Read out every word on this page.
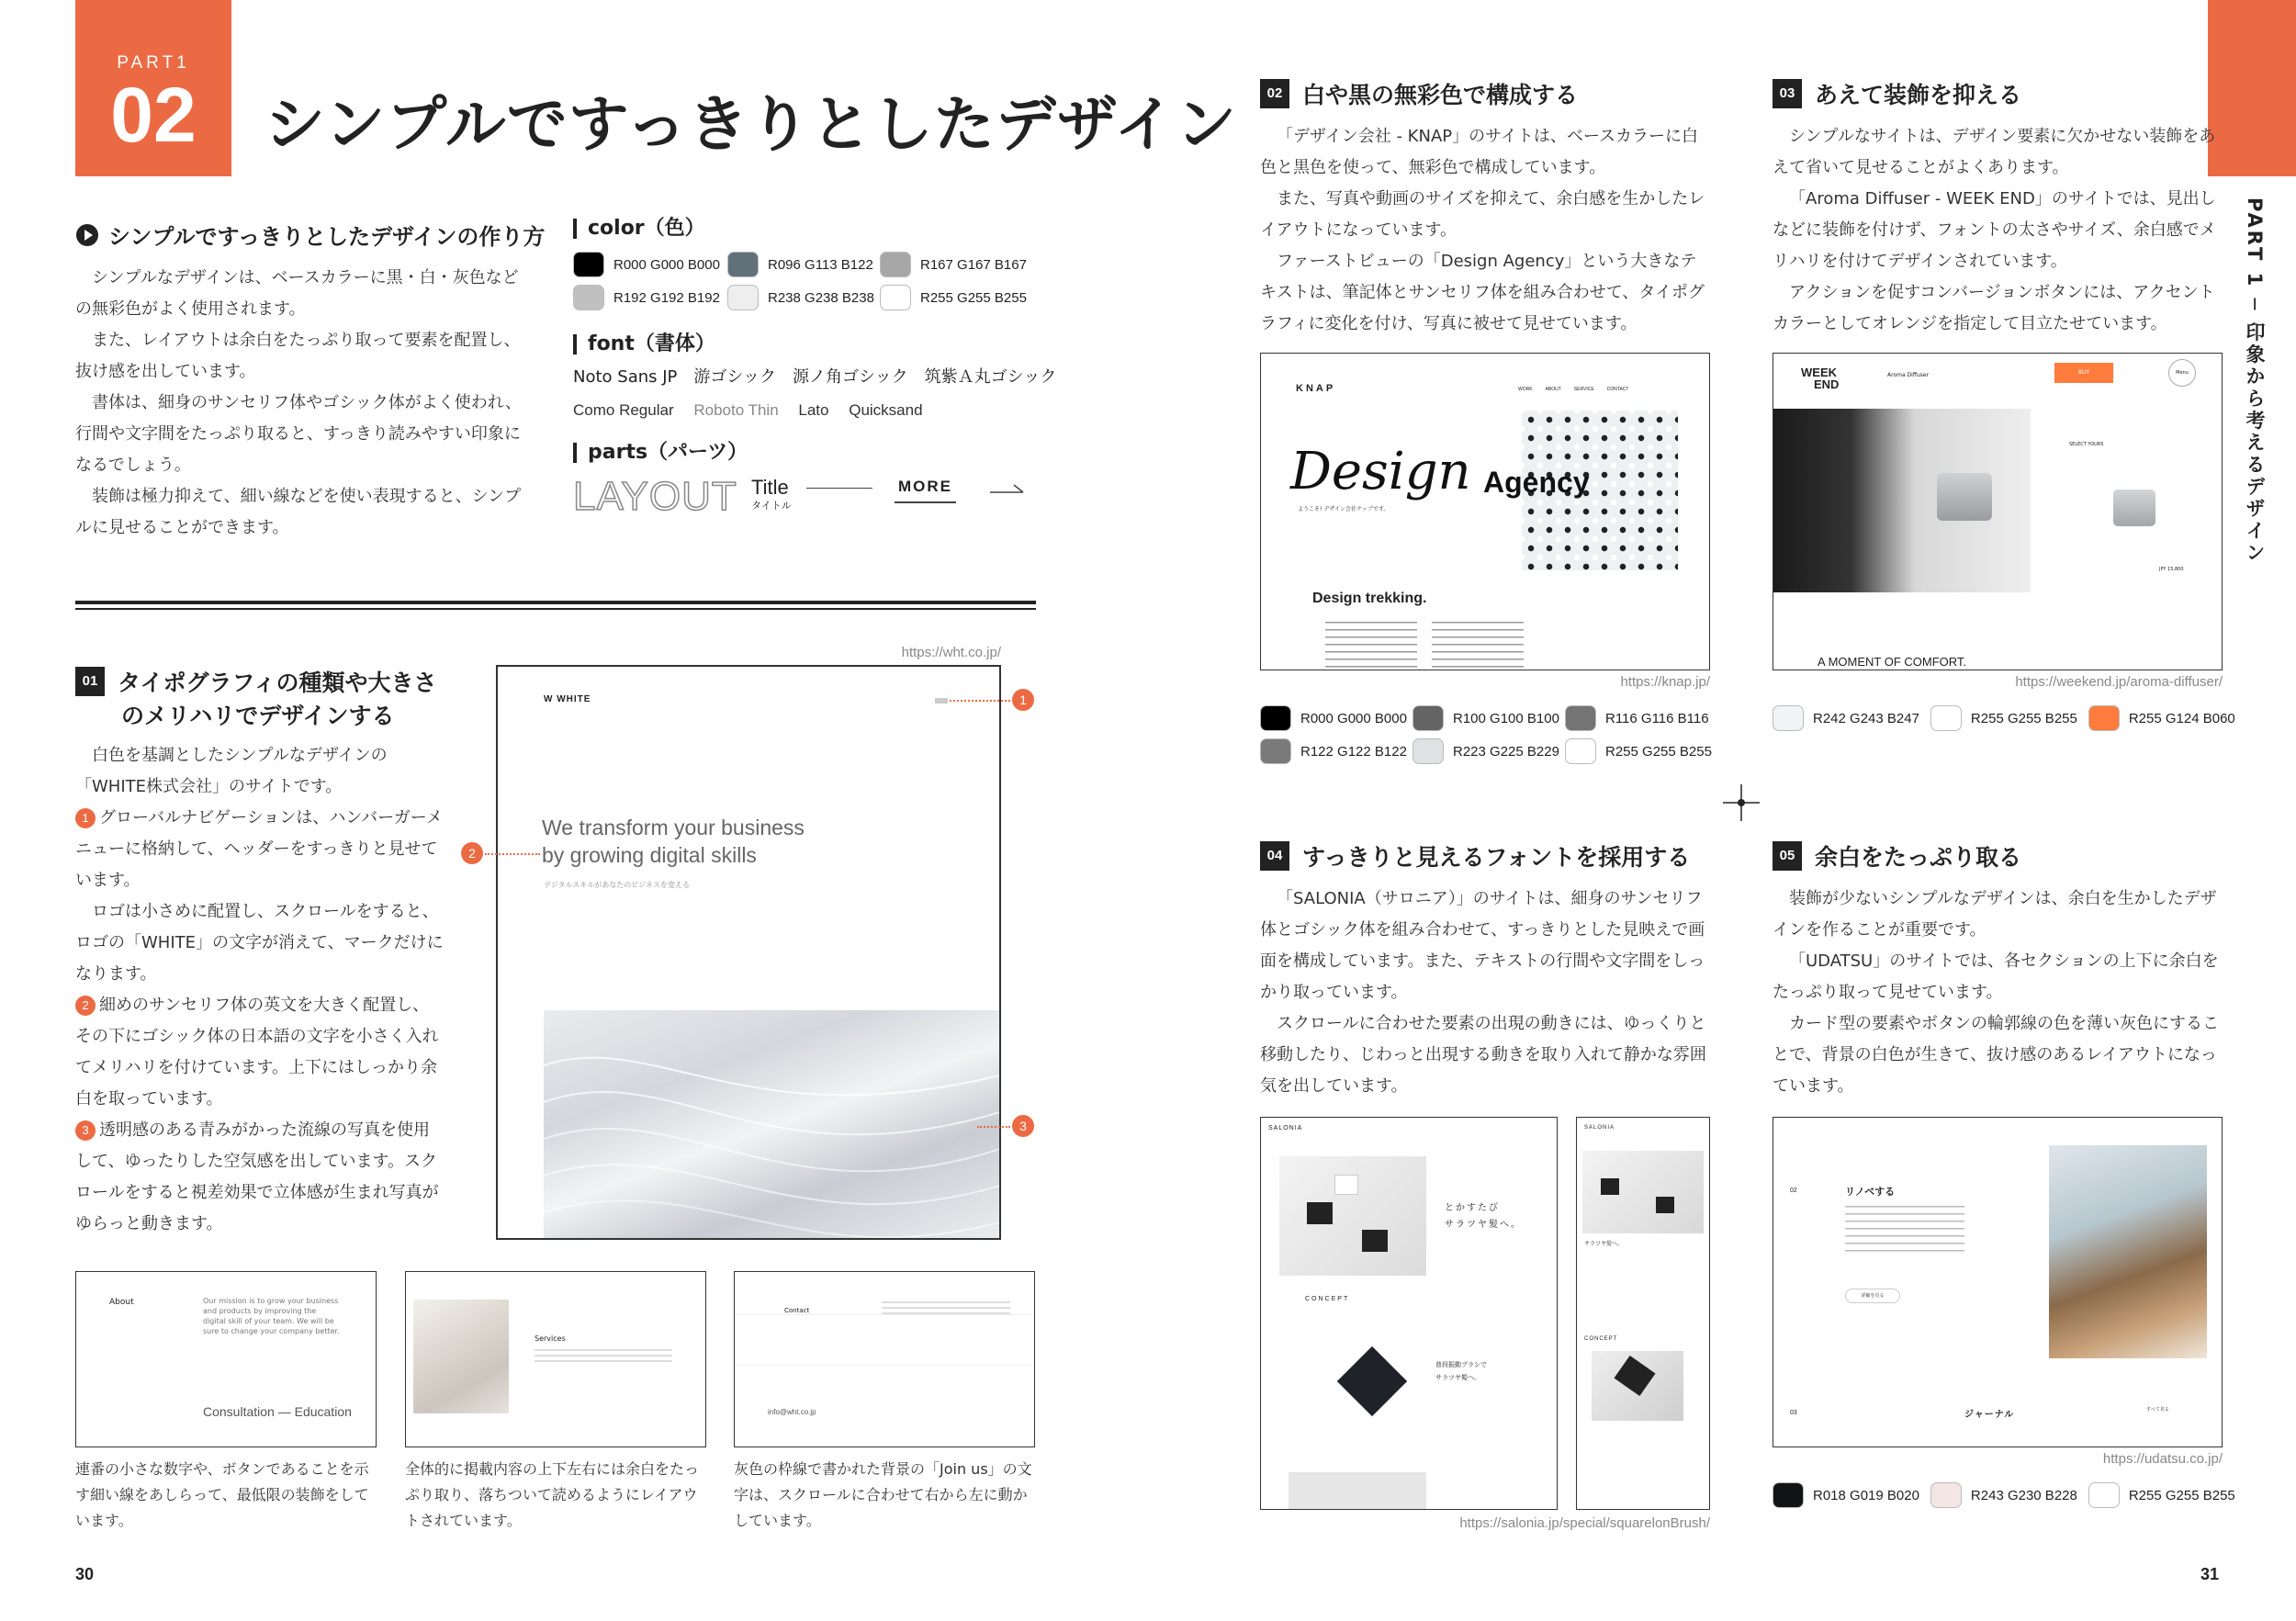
PART1
02	シンプルですっきりとしたデザイン
シンプルですっきりとしたデザインの作り方

シンプルなデザインは、ベースカラーに黒・白・灰色などの無彩色がよく使用されます。

また、レイアウトは余白をたっぷり取って要素を配置し、抜け感を出しています。

書体は、細身のサンセリフ体やゴシック体がよく使われ、行間や文字間をたっぷり取ると、すっきり読みやすい印象になるでしょう。

装飾は極力抑えて、細い線などを使い表現すると、シンプルに見せることができます。

color（色）
R000 G000 B000	R096 G113 B122	R167 G167 B167
R192 G192 B192	R238 G238 B238	R255 G255 B255
font（書体）
Noto Sans JP　游ゴシック　源ノ角ゴシック　筑紫Ａ丸ゴシック
Como Regular　 Roboto Thin　 Lato　 Quicksand
parts（パーツ）
LAYOUT Title
タイトル
MORE
01 タイポグラフィの種類や大きさ
のメリハリでデザインする

白色を基調としたシンプルなデザインの「WHITE株式会社」のサイトです。

1 グローバルナビゲーションは、ハンバーガーメニューに格納して、ヘッダーをすっきりと見せています。

ロゴは小さめに配置し、スクロールをすると、ロゴの「WHITE」の文字が消えて、マークだけになります。

2 細めのサンセリフ体の英文を大きく配置し、その下にゴシック体の日本語の文字を小さく入れてメリハリを付けています。上下にはしっかり余白を取っています。

3 透明感のある青みがかった流線の写真を使用して、ゆったりした空気感を出しています。スクロールをすると視差効果で立体感が生まれ写真がゆらっと動きます。

https://wht.co.jp/
W WHITE
We transform your business
by growing digital skills
デジタルスキルがあなたのビジネスを変える
1
2
3
About	Our mission is to grow your business and products by improving the digital skill of your team. We will be sure to change your company better.
Consultation — Education
Services
Contact
info@wht.co.jp
連番の小さな数字や、ボタンであることを示す細い線をあしらって、最低限の装飾をしています。
全体的に掲載内容の上下左右には余白をたっぷり取り、落ちついて読めるようにレイアウトされています。
灰色の枠線で書かれた背景の「Join us」の文字は、スクロールに合わせて右から左に動かしています。
30
PART 1 ─ 印象から考えるデザイン
02 白や黒の無彩色で構成する

「デザイン会社 - KNAP」のサイトは、ベースカラーに白色と黒色を使って、無彩色で構成しています。

また、写真や動画のサイズを抑えて、余白感を生かしたレイアウトになっています。

ファーストビューの「Design Agency」という大きなテキストは、筆記体とサンセリフ体を組み合わせて、タイポグラフィに変化を付け、写真に被せて見せています。

KNAP	WORK	ABOUT	SERVICE	CONTACT
Design Agency
ようこそ! デザイン会社ナップです。
Design trekking.
https://knap.jp/
R000 G000 B000	R100 G100 B100	R116 G116 B116
R122 G122 B122	R223 G225 B229	R255 G255 B255
03 あえて装飾を抑える

シンプルなサイトは、デザイン要素に欠かせない装飾をあえて省いて見せることがよくあります。

「Aroma Diffuser - WEEK END」のサイトでは、見出しなどに装飾を付けず、フォントの太さやサイズ、余白感でメリハリを付けてデザインされています。

アクションを促すコンバージョンボタンには、アクセントカラーとしてオレンジを指定して目立たせています。

WEEK
END
Aroma Diffuser	BUY	Menu
SELECT YOURS
JPY 15,800
A MOMENT OF COMFORT.
https://weekend.jp/aroma-diffuser/
R242 G243 B247	R255 G255 B255	R255 G124 B060
04 すっきりと見えるフォントを採用する

「SALONIA（サロニア）」のサイトは、細身のサンセリフ体とゴシック体を組み合わせて、すっきりとした見映えで画面を構成しています。また、テキストの行間や文字間をしっかり取っています。

スクロールに合わせた要素の出現の動きには、ゆっくりと移動したり、じわっと出現する動きを取り入れて静かな雰囲気を出しています。

SALONIA
とかすたび
サラツヤ髪へ。
CONCEPT
普段振動ブラシで
サラツヤ髪へ。
SALONIA
サラツヤ髪へ。
CONCEPT
https://salonia.jp/special/squarelonBrush/
05 余白をたっぷり取る

装飾が少ないシンプルなデザインは、余白を生かしたデザインを作ることが重要です。

「UDATSU」のサイトでは、各セクションの上下に余白をたっぷり取って見せています。

カード型の要素やボタンの輪郭線の色を薄い灰色にすることで、背景の白色が生きて、抜け感のあるレイアウトになっています。

02	リノベする
詳細を見る
03	ジャーナル	すべて見る
https://udatsu.co.jp/
R018 G019 B020	R243 G230 B228	R255 G255 B255
31
